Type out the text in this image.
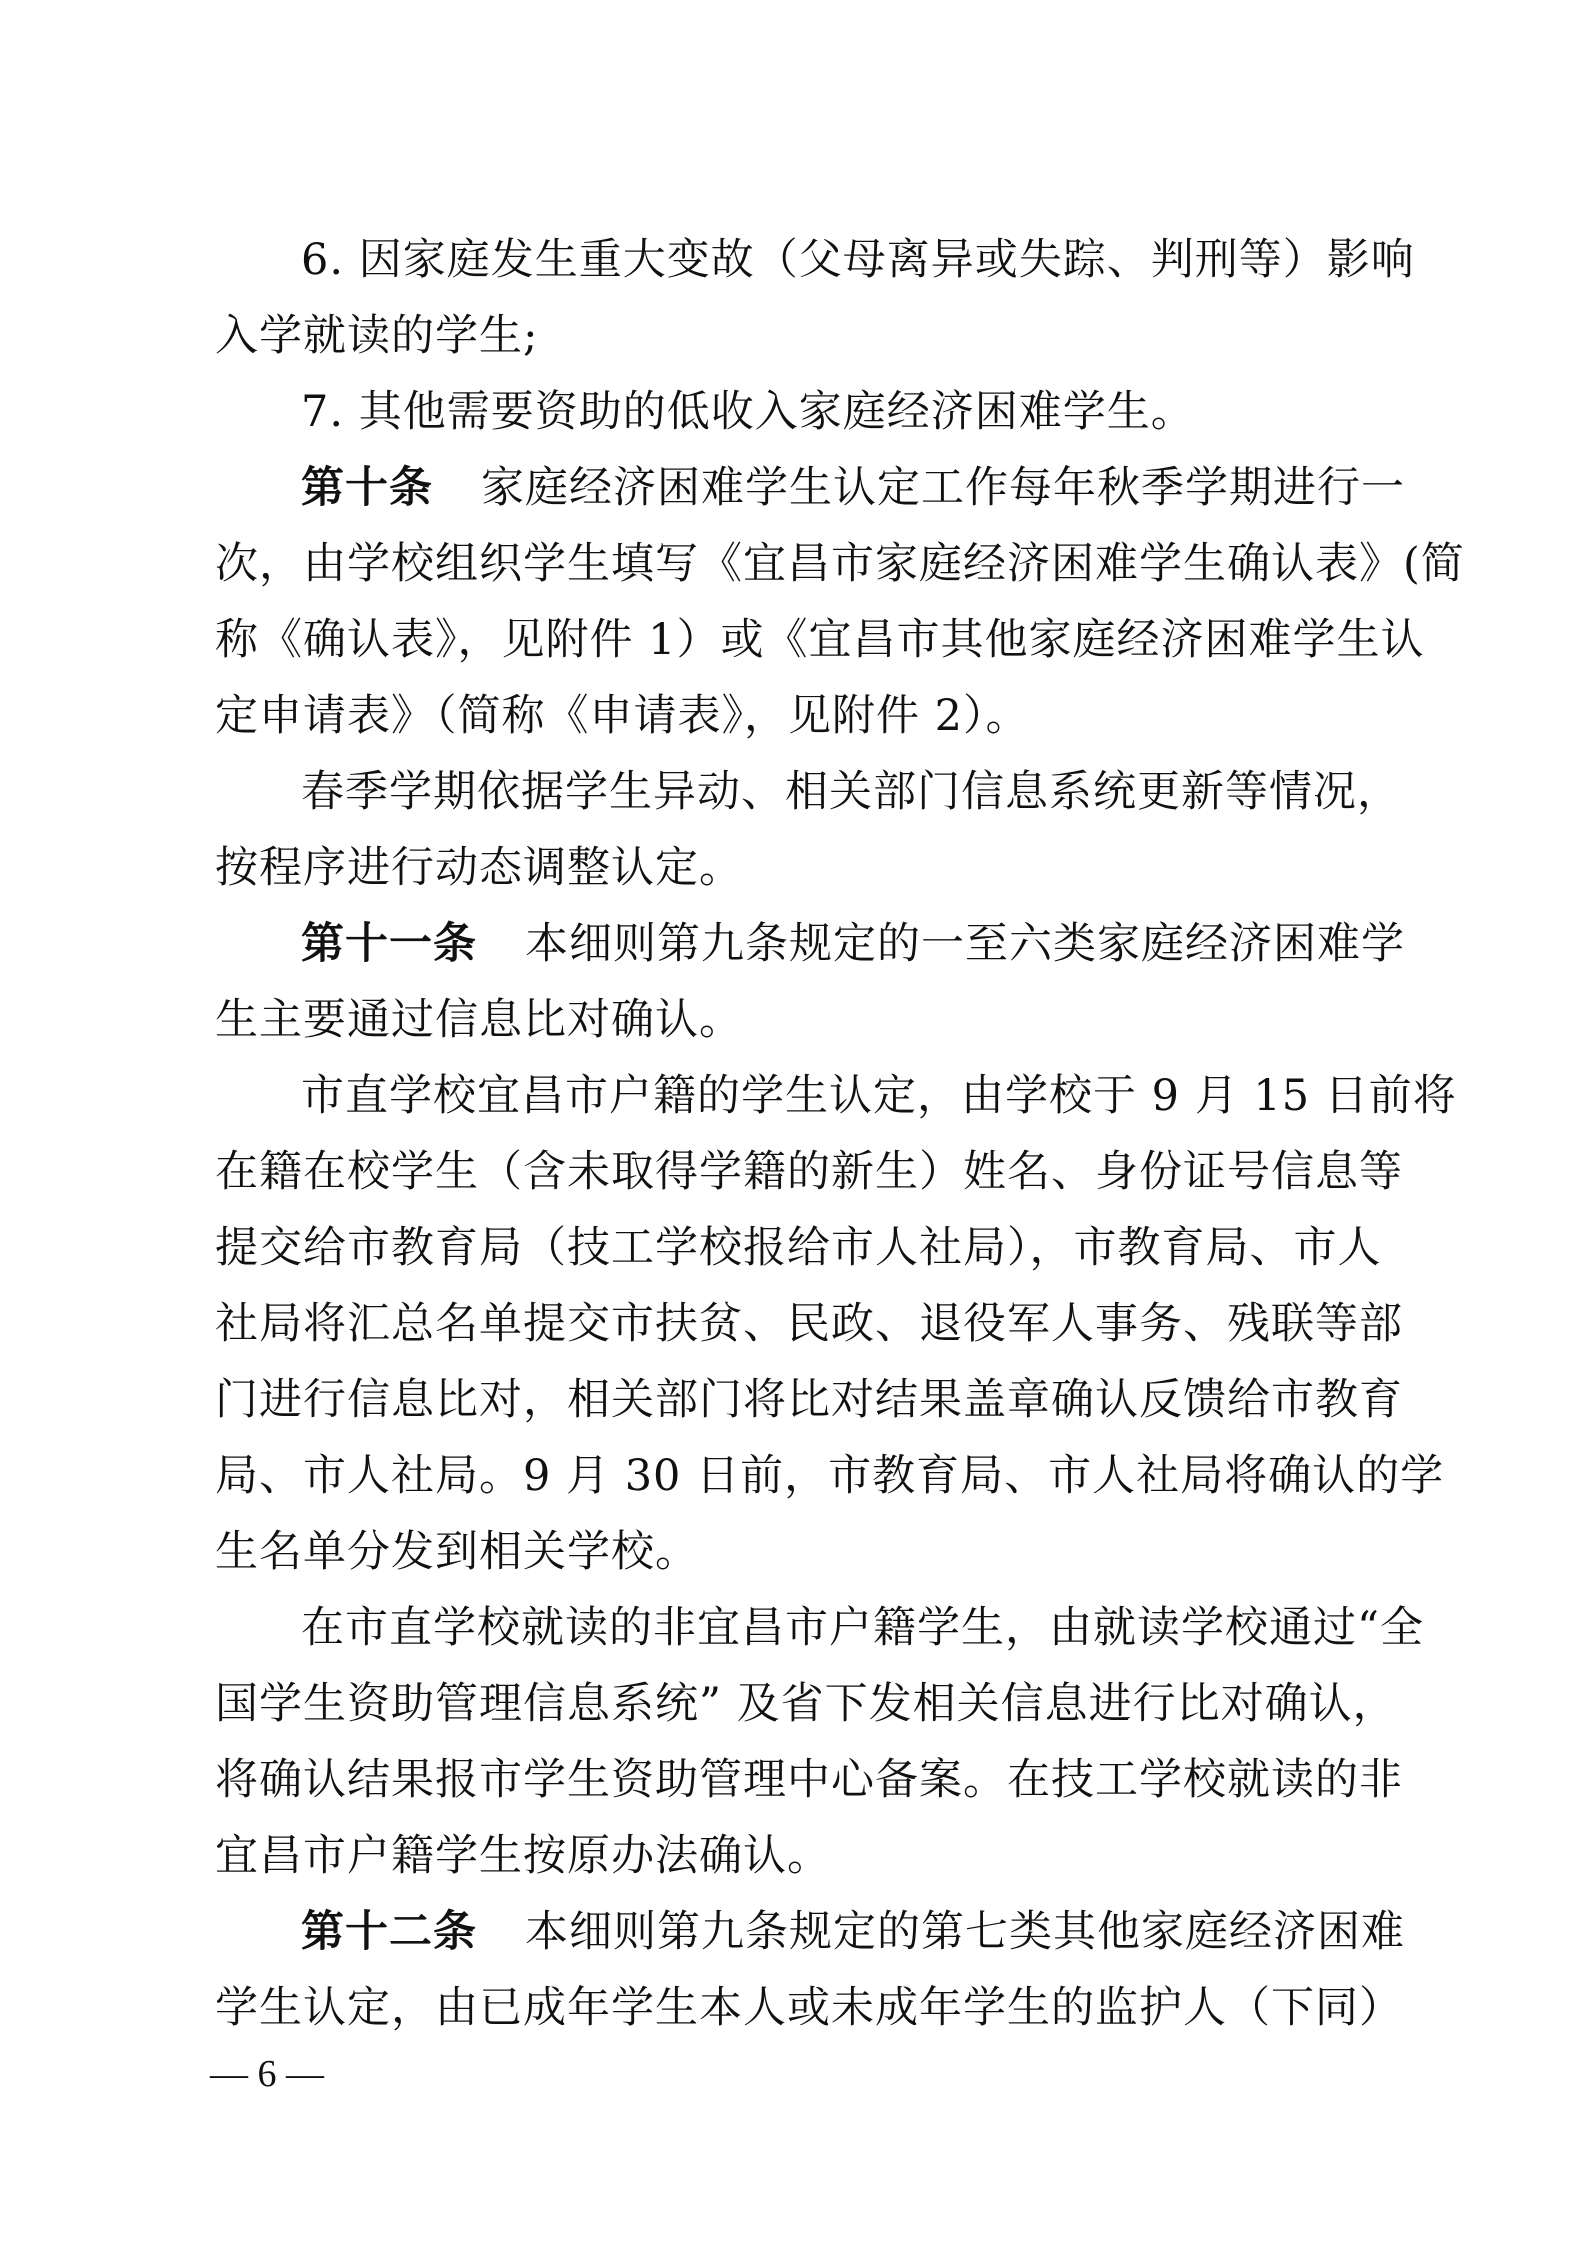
6. 因家庭发生重大变故（父母离异或失踪、判刑等）影响
入学就读的学生;
7. 其他需要资助的低收入家庭经济困难学生。
第十条 家庭经济困难学生认定工作每年秋季学期进行一
次，由学校组织学生填写《宜昌市家庭经济困难学生确认表》(简
称《确认表》，见附件 1）或《宜昌市其他家庭经济困难学生认
定申请表》（简称《申请表》，见附件 2）。
春季学期依据学生异动、相关部门信息系统更新等情况，
按程序进行动态调整认定。
第十一条 本细则第九条规定的一至六类家庭经济困难学
生主要通过信息比对确认。
市直学校宜昌市户籍的学生认定，由学校于 9 月 15 日前将
在籍在校学生（含未取得学籍的新生）姓名、身份证号信息等
提交给市教育局（技工学校报给市人社局），市教育局、市人
社局将汇总名单提交市扶贫、民政、退役军人事务、残联等部
门进行信息比对，相关部门将比对结果盖章确认反馈给市教育
局、市人社局。9 月 30 日前，市教育局、市人社局将确认的学
生名单分发到相关学校。
在市直学校就读的非宜昌市户籍学生，由就读学校通过“全
国学生资助管理信息系统” 及省下发相关信息进行比对确认，
将确认结果报市学生资助管理中心备案。在技工学校就读的非
宜昌市户籍学生按原办法确认。
第十二条 本细则第九条规定的第七类其他家庭经济困难
学生认定，由已成年学生本人或未成年学生的监护人（下同）
— 6 —
